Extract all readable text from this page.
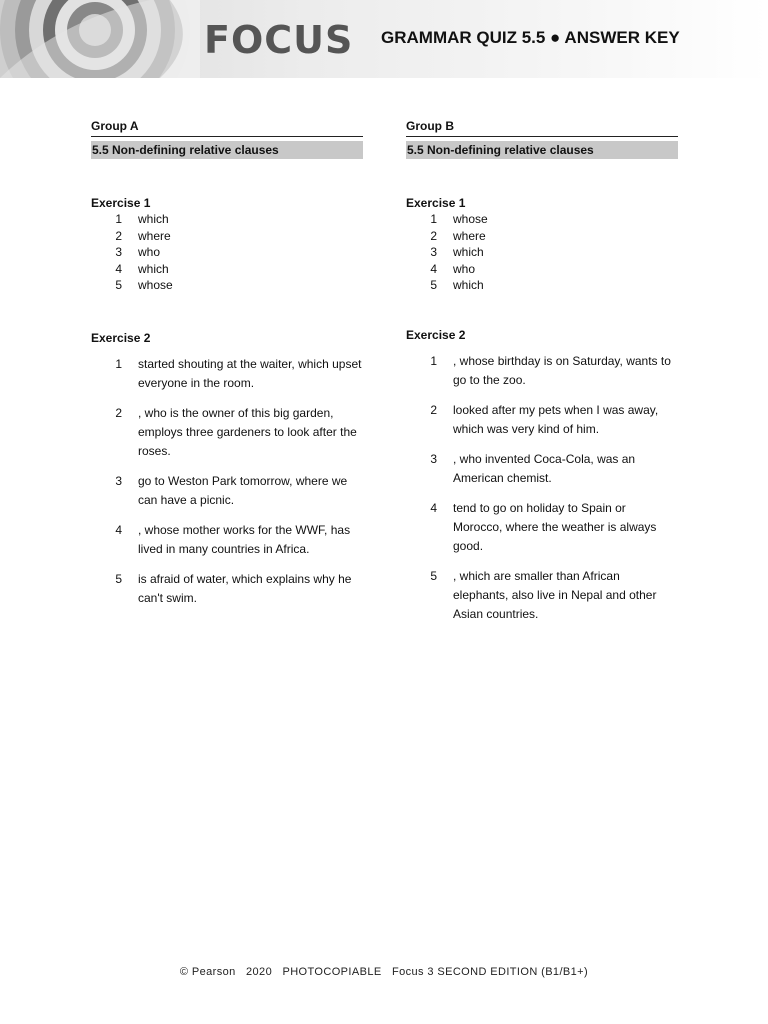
FOCUS GRAMMAR QUIZ 5.5 ● ANSWER KEY
Group A
5.5 Non-defining relative clauses
Exercise 1
1	which
2	where
3	who
4	which
5	whose
Exercise 2
1	started shouting at the waiter, which upset everyone in the room.
2	, who is the owner of this big garden, employs three gardeners to look after the roses.
3	go to Weston Park tomorrow, where we can have a picnic.
4	, whose mother works for the WWF, has lived in many countries in Africa.
5	is afraid of water, which explains why he can't swim.
Group B
5.5 Non-defining relative clauses
Exercise 1
1	whose
2	where
3	which
4	who
5	which
Exercise 2
1	, whose birthday is on Saturday, wants to go to the zoo.
2	looked after my pets when I was away, which was very kind of him.
3	, who invented Coca-Cola, was an American chemist.
4	tend to go on holiday to Spain or Morocco, where the weather is always good.
5	, which are smaller than African elephants, also live in Nepal and other Asian countries.
© Pearson   2020   PHOTOCOPIABLE   Focus 3 SECOND EDITION (B1/B1+)
